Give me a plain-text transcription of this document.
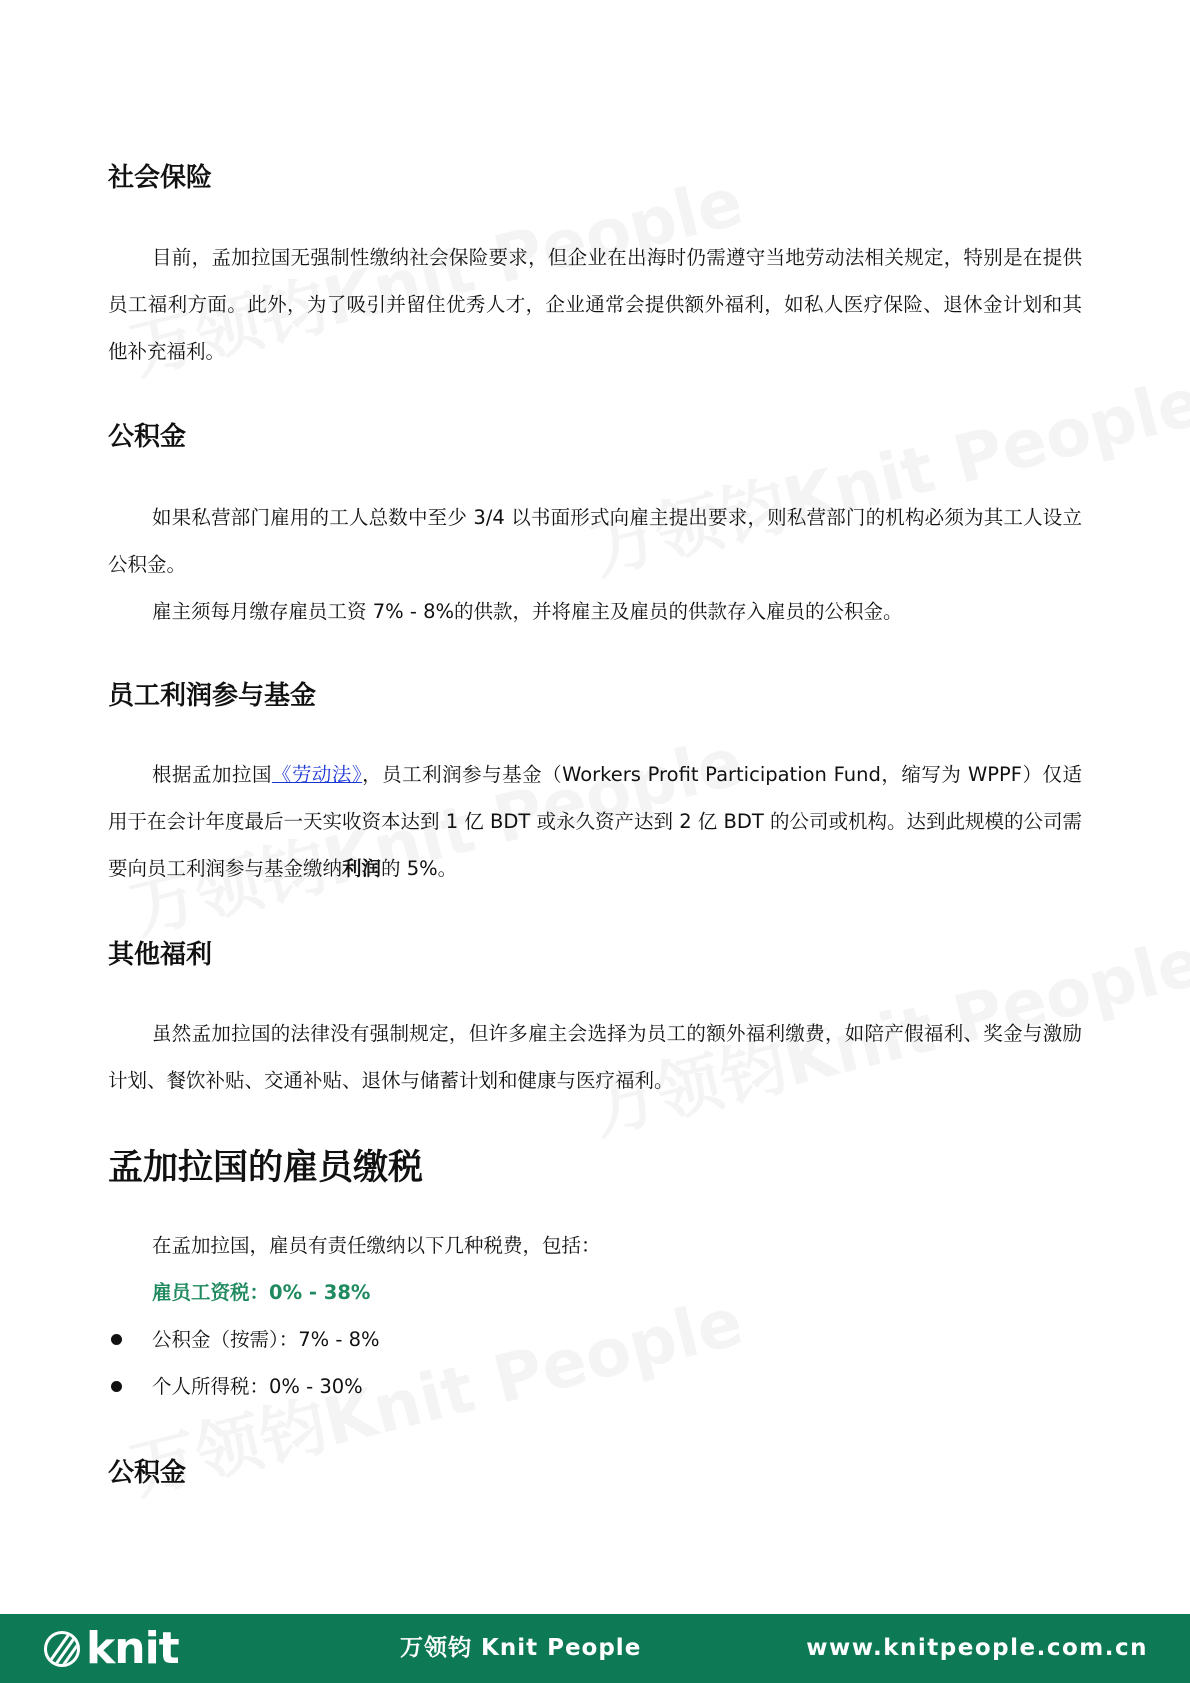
社会保险

目前，孟加拉国无强制性缴纳社会保险要求，但企业在出海时仍需遵守当地劳动法相关规定，特别是在提供员工福利方面。此外，为了吸引并留住优秀人才，企业通常会提供额外福利，如私人医疗保险、退休金计划和其他补充福利。

公积金

如果私营部门雇用的工人总数中至少 3/4 以书面形式向雇主提出要求，则私营部门的机构必须为其工人设立公积金。

雇主须每月缴存雇员工资 7% - 8%的供款，并将雇主及雇员的供款存入雇员的公积金。

员工利润参与基金

根据孟加拉国《劳动法》，员工利润参与基金（Workers Profit Participation Fund，缩写为 WPPF）仅适用于在会计年度最后一天实收资本达到 1 亿 BDT 或永久资产达到 2 亿 BDT 的公司或机构。达到此规模的公司需要向员工利润参与基金缴纳利润的 5%。

其他福利

虽然孟加拉国的法律没有强制规定，但许多雇主会选择为员工的额外福利缴费，如陪产假福利、奖金与激励计划、餐饮补贴、交通补贴、退休与储蓄计划和健康与医疗福利。

孟加拉国的雇员缴税
在孟加拉国，雇员有责任缴纳以下几种税费，包括：
雇员工资税：0% - 38%
公积金（按需）：7% - 8%
个人所得税：0% - 30%
公积金
knit	万领钧 Knit People	www.knitpeople.com.cn
